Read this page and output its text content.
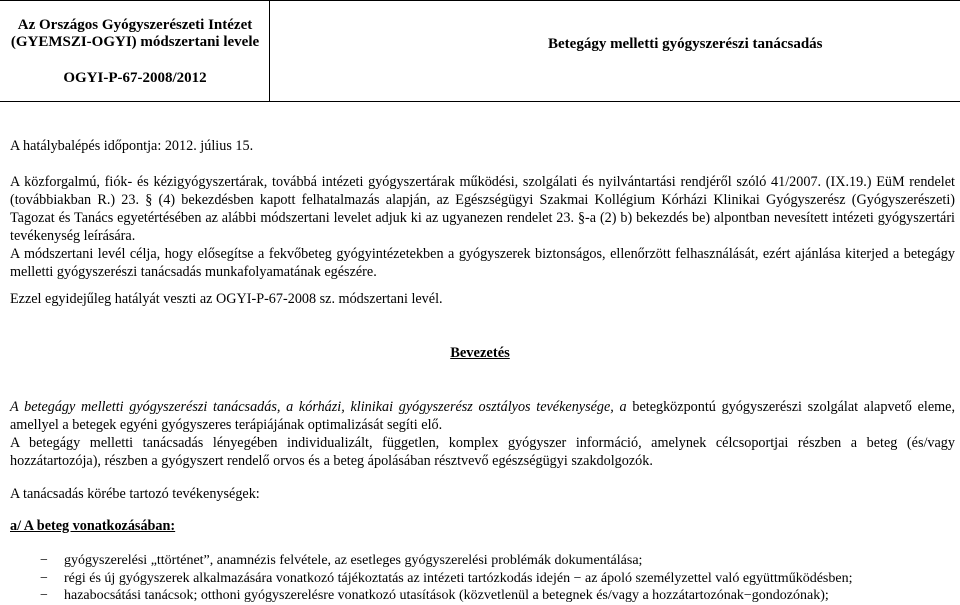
Az Országos Gyógyszerészeti Intézet
(GYEMSZI-OGYI) módszertani levele
OGYI-P-67-2008/2012
Betegágy melletti gyógyszerészi tanácsadás
A hatálybalépés időpontja: 2012. július 15.
A közforgalmú, fiók- és kézigyógyszertárak, továbbá intézeti gyógyszertárak működési, szolgálati és nyilvántartási rendjéről szóló 41/2007. (IX.19.) EüM rendelet (továbbiakban R.) 23. § (4) bekezdésben kapott felhatalmazás alapján, az Egészségügyi Szakmai Kollégium Kórházi Klinikai Gyógyszerész (Gyógyszerészeti) Tagozat és Tanács egyetértésében az alábbi módszertani levelet adjuk ki az ugyanezen rendelet 23. §-a (2) b) bekezdés be) alpontban nevesített intézeti gyógyszertári tevékenység leírására.
A módszertani levél célja, hogy elősegítse a fekvőbeteg gyógyintézetekben a gyógyszerek biztonságos, ellenőrzött felhasználását, ezért ajánlása kiterjed a betegágy melletti gyógyszerészi tanácsadás munkafolyamatának egészére.
Ezzel egyidejűleg hatályát veszti az OGYI-P-67-2008 sz. módszertani levél.
Bevezetés
A betegágy melletti gyógyszerészi tanácsadás, a kórházi, klinikai gyógyszerész osztályos tevékenysége, a betegközpontú gyógyszerészi szolgálat alapvető eleme, amellyel a betegek egyéni gyógyszeres terápiájának optimalizását segíti elő.
A betegágy melletti tanácsadás lényegében individualizált, független, komplex gyógyszer információ, amelynek célcsoportjai részben a beteg (és/vagy hozzátartozója), részben a gyógyszert rendelő orvos és a beteg ápolásában résztvevő egészségügyi szakdolgozók.
A tanácsadás körébe tartozó tevékenységek:
a/ A beteg vonatkozásában:
− gyógyszerelési „ttörténet”, anamnézis felvétele, az esetleges gyógyszerelési problémák dokumentálása;
− régi és új gyógyszerek alkalmazására vonatkozó tájékoztatás az intézeti tartózkodás idején − az ápoló személyzettel való együttműködésben;
− hazabocsátási tanácsok; otthoni gyógyszerelésre vonatkozó utasítások (közvetlenül a betegnek és/vagy a hozzátartozónak−gondozónak);
